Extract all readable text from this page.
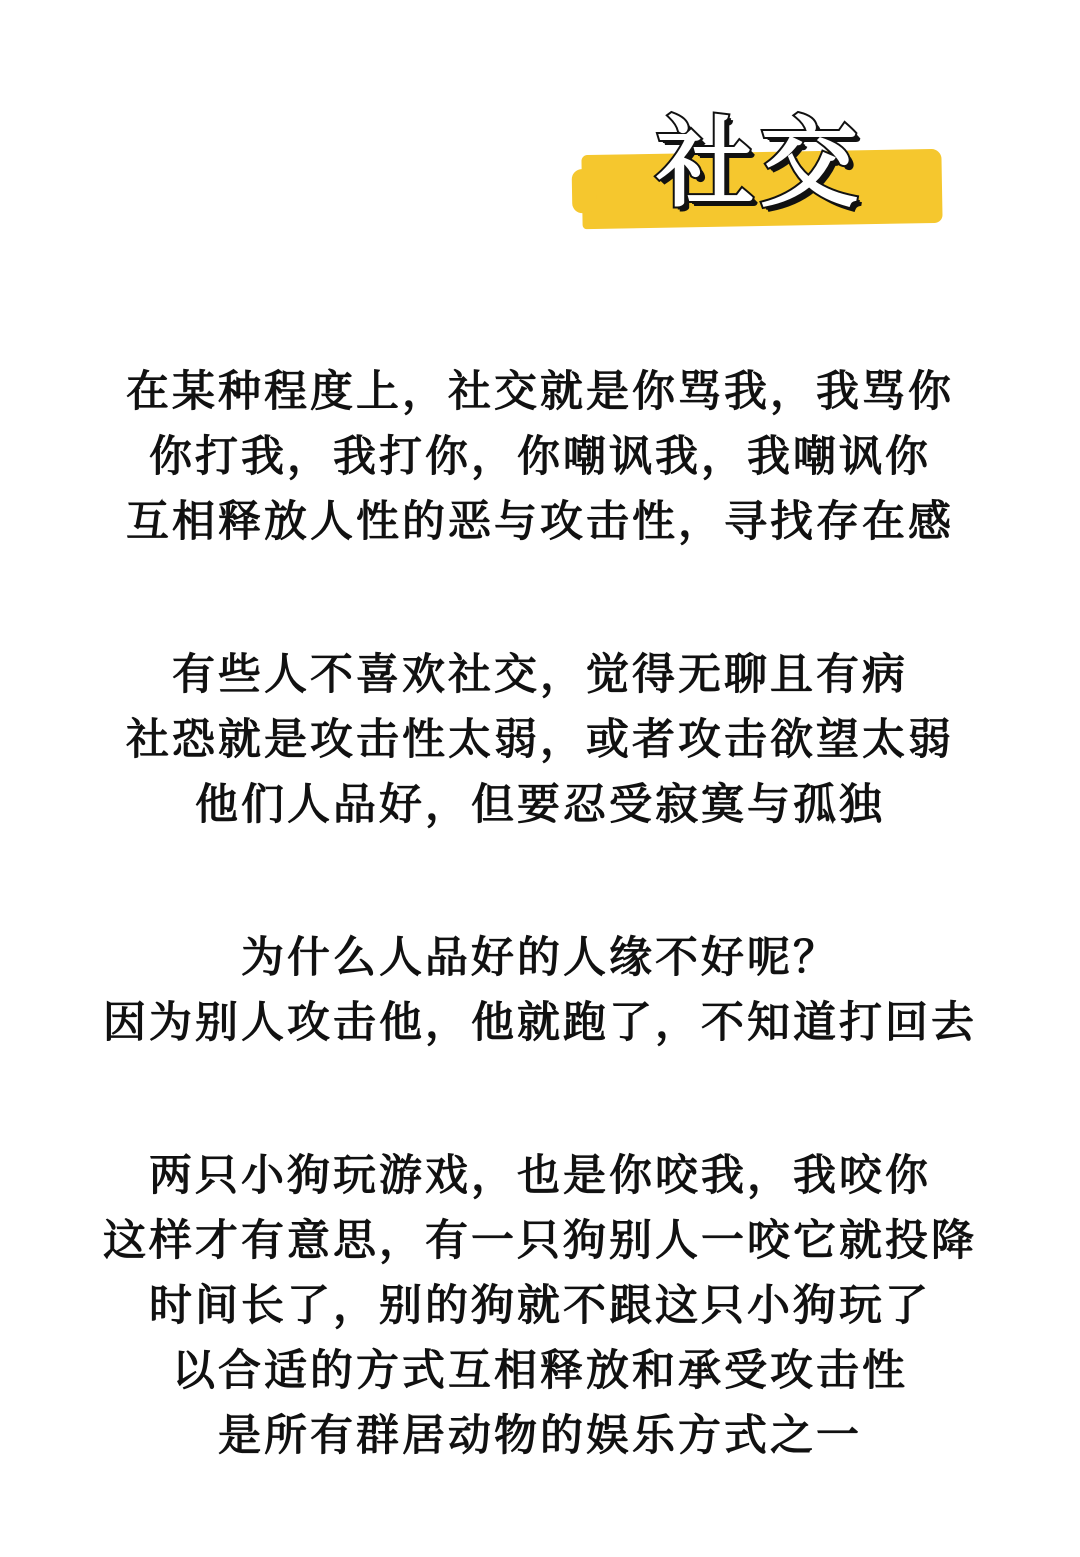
社交
在某种程度上，社交就是你骂我，我骂你
你打我，我打你，你嘲讽我，我嘲讽你
互相释放人性的恶与攻击性，寻找存在感
有些人不喜欢社交，觉得无聊且有病
社恐就是攻击性太弱，或者攻击欲望太弱
他们人品好，但要忍受寂寞与孤独
为什么人品好的人缘不好呢？
因为别人攻击他，他就跑了，不知道打回去
两只小狗玩游戏，也是你咬我，我咬你
这样才有意思，有一只狗别人一咬它就投降
时间长了，别的狗就不跟这只小狗玩了
以合适的方式互相释放和承受攻击性
是所有群居动物的娱乐方式之一
